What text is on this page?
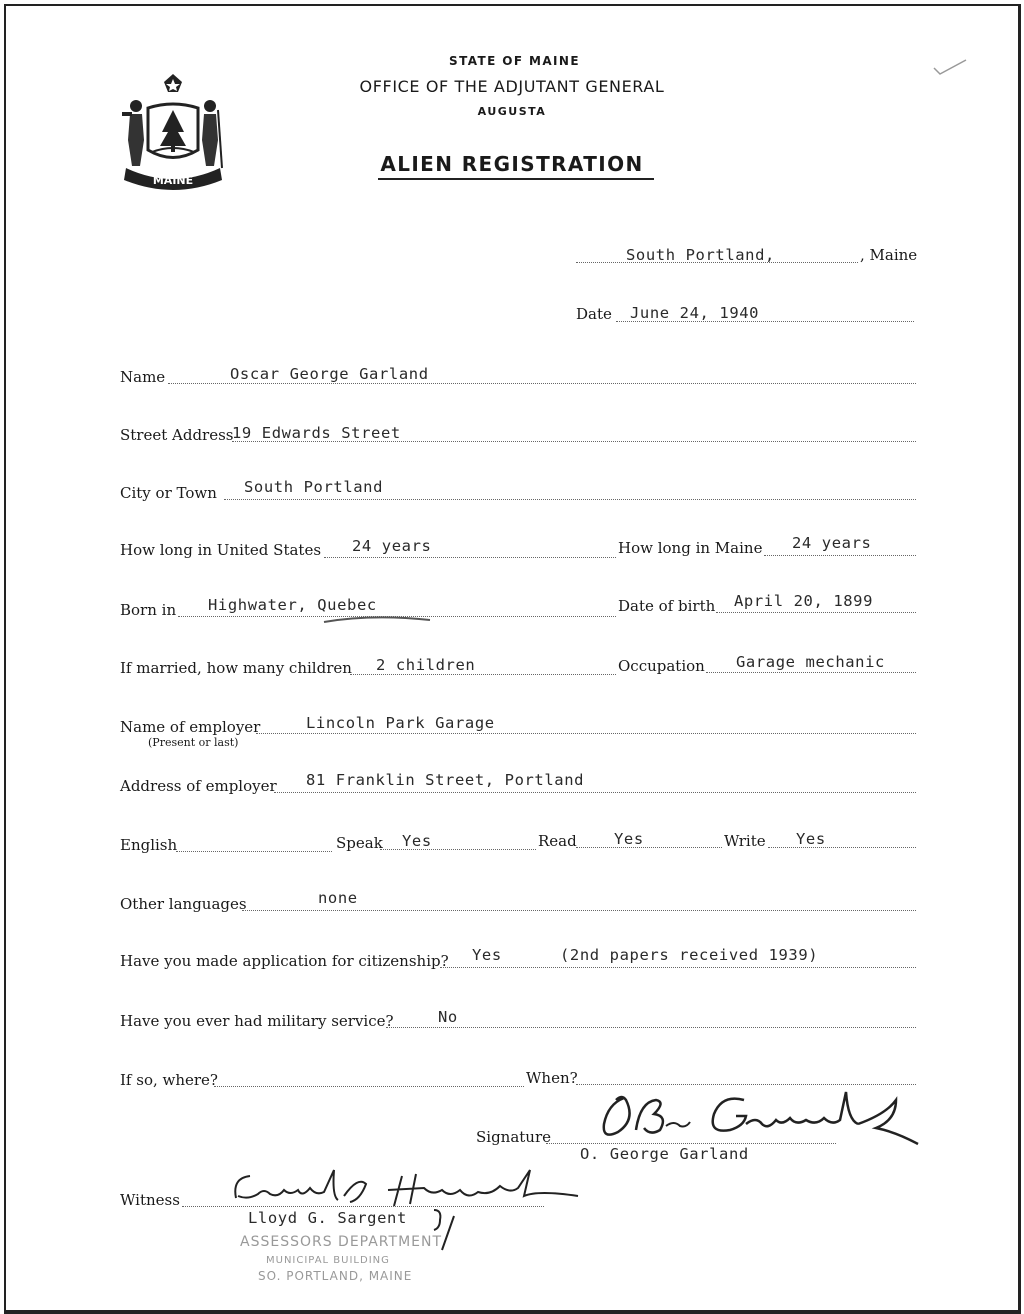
MAINE
STATE OF MAINE
OFFICE OF THE ADJUTANT GENERAL
AUGUSTA
ALIEN REGISTRATION
South Portland,	, Maine
Date June 24, 1940
Name	Oscar George Garland
Street Address
19 Edwards Street
City or Town South Portland
How long in United States 24 years	How long in Maine 24 years
Born in Highwater, Quebec	Date of birth April 20, 1899
If married, how many children 2 children	Occupation Garage mechanic
Name of employer
(Present or last)
Lincoln Park Garage
Address of employer 81 Franklin Street, Portland
English	Speak Yes	Read Yes	Write Yes
Other languages	none
Have you made application for citizenship? Yes	(2nd papers received 1939)
Have you ever had military service?	No
If so, where?	When?
Signature
O. George Garland
Witness
Lloyd G. Sargent
ASSESSORS DEPARTMENT
MUNICIPAL BUILDING
SO. PORTLAND, MAINE
